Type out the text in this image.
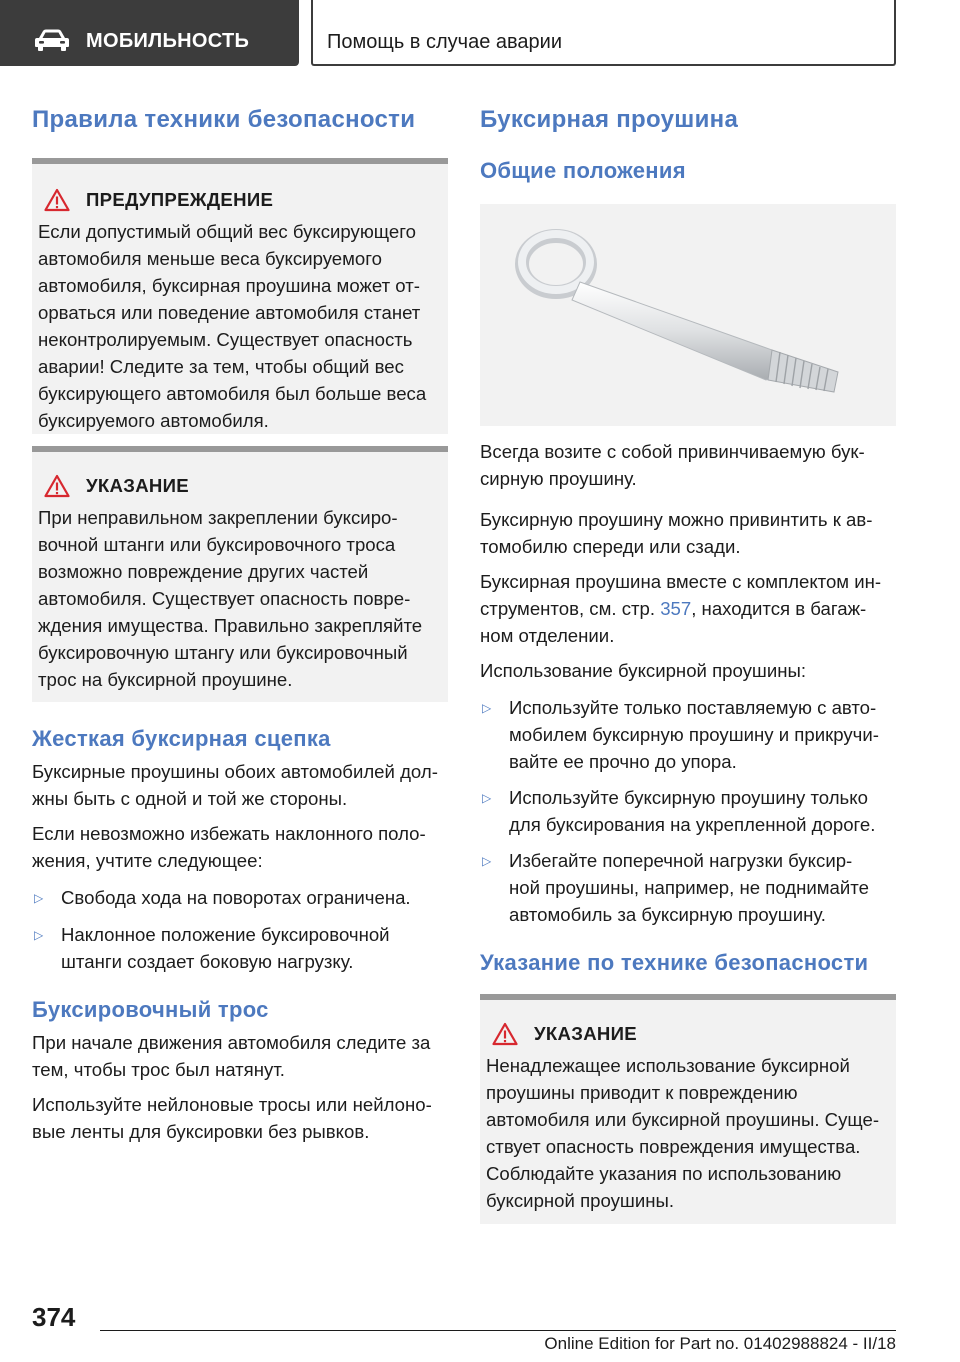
МОБИЛЬНОСТЬ	Помощь в случае аварии
Правила техники безопасности
ПРЕДУПРЕЖДЕНИЕ

Если допустимый общий вес буксирующего
автомобиля меньше веса буксируемого
автомобиля, буксирная проушина может от-
орваться или поведение автомобиля станет
неконтролируемым. Существует опасность
аварии! Следите за тем, чтобы общий вес
буксирующего автомобиля был больше веса
буксируемого автомобиля.

УКАЗАНИЕ

При неправильном закреплении буксиро-
вочной штанги или буксировочного троса
возможно повреждение других частей
автомобиля. Существует опасность повре-
ждения имущества. Правильно закрепляйте
буксировочную штангу или буксировочный
трос на буксирной проушине.

Жесткая буксирная сцепка

Буксирные проушины обоих автомобилей дол-
жны быть с одной и той же стороны.

Если невозможно избежать наклонного поло-
жения, учтите следующее:

▷ Свобода хода на поворотах ограничена.
▷ Наклонное положение буксировочной
штанги создает боковую нагрузку.
Буксировочный трос

При начале движения автомобиля следите за
тем, чтобы трос был натянут.

Используйте нейлоновые тросы или нейлоно-
вые ленты для буксировки без рывков.

Буксирная проушина
Общие положения

Всегда возите с собой привинчиваемую бук-
сирную проушину.

Буксирную проушину можно привинтить к ав-
томобилю спереди или сзади.

Буксирная проушина вместе с комплектом ин-
струментов, см. стр. 357, находится в багаж-
ном отделении.

Использование буксирной проушины:

▷ Используйте только поставляемую с авто-
мобилем буксирную проушину и прикручи-
вайте ее прочно до упора.
▷ Используйте буксирную проушину только
для буксирования на укрепленной дороге.
▷ Избегайте поперечной нагрузки буксир-
ной проушины, например, не поднимайте
автомобиль за буксирную проушину.
Указание по технике безопасности
УКАЗАНИЕ

Ненадлежащее использование буксирной
проушины приводит к повреждению
автомобиля или буксирной проушины. Суще-
ствует опасность повреждения имущества.
Соблюдайте указания по использованию
буксирной проушины.

374
Online Edition for Part no. 01402988824 - II/18
